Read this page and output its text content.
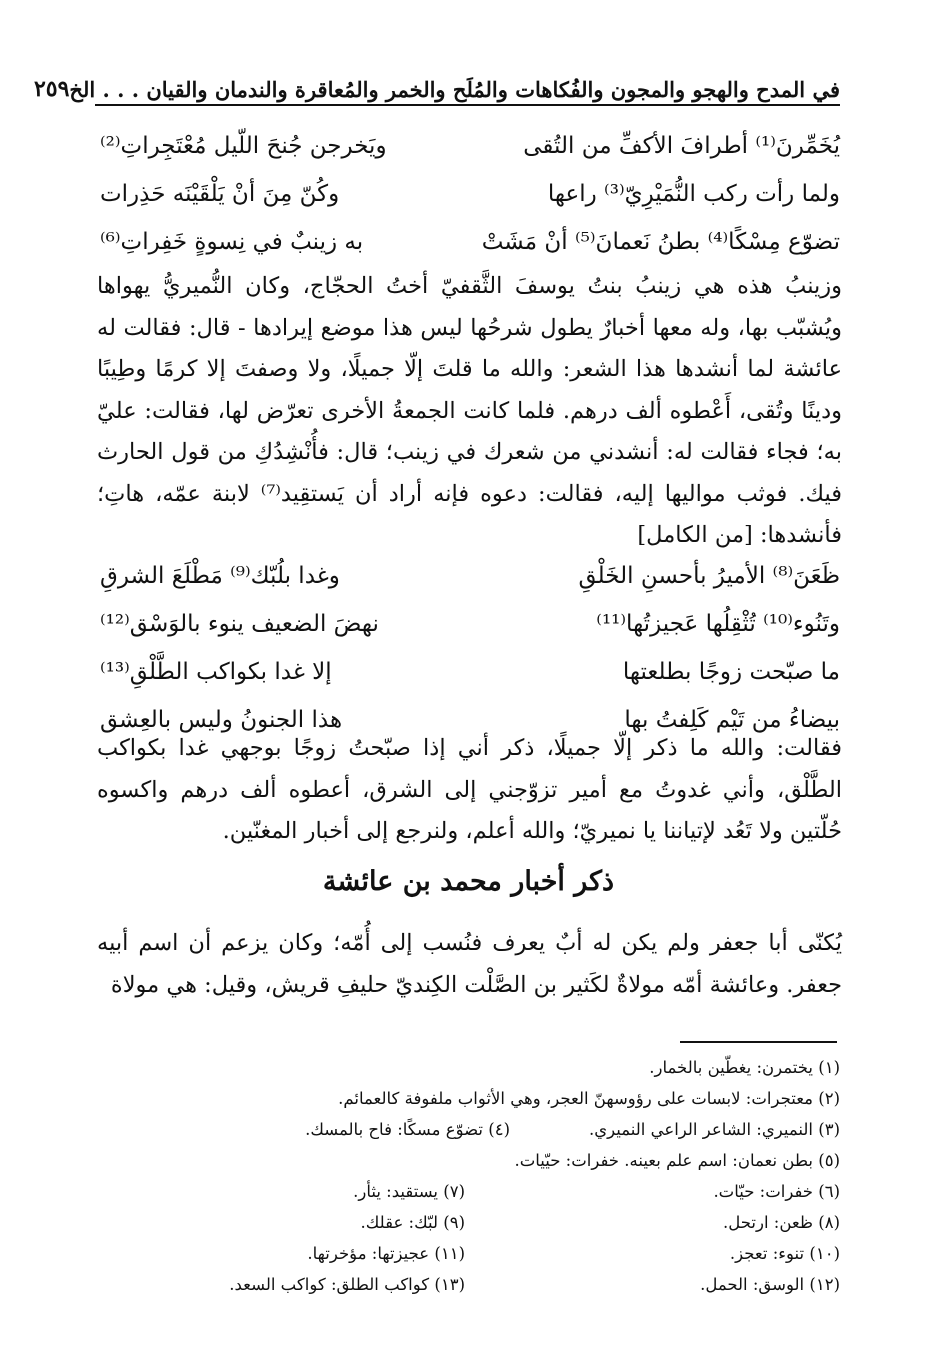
في المدح والهجو والمجون والفُكاهات والمُلَح والخمر والمُعاقرة والندمان والقيان . . . الخ
٢٥٩
يُخَمِّرنَ⁽¹⁾ أطرافَ الأكفِّ من التُقى
ويَخرجن جُنحَ اللّيل مُعْتَجِراتِ⁽²⁾
ولما رأت ركب النُّمَيْرِيّ⁽³⁾ راعها
وكُنّ مِنَ أنْ يَلْقَيْنَه حَذِرات
تضوّع مِسْكًا⁽⁴⁾ بطنُ نَعمانَ⁽⁵⁾ أنْ مَشَتْ
به زينبٌ في نِسوةٍ خَفِراتِ⁽⁶⁾

وزينبُ هذه هي زينبُ بنتُ يوسفَ الثَّقفيّ أختُ الحجّاج، وكان النُّميريُّ يهواها ويُشبّب بها، وله معها أخبارٌ يطول شرحُها ليس هذا موضع إيرادها - قال: فقالت له عائشة لما أنشدها هذا الشعر: والله ما قلتَ إلّا جميلًا، ولا وصفتَ إلا كرمًا وطِيبًا ودينًا وتُقى، أَعْطوه ألف درهم. فلما كانت الجمعةُ الأخرى تعرّض لها، فقالت: عليّ به؛ فجاء فقالت له: أنشدني من شعرك في زينب؛ قال: فأُنْشِدُكِ من قول الحارث فيك. فوثب مواليها إليه، فقالت: دعوه فإنه أراد أن يَستقِيد⁽⁷⁾ لابنة عمّه، هاتِ؛ فأنشدها: [من الكامل]

ظَعَنَ⁽⁸⁾ الأميرُ بأحسنِ الخَلْقِ
وغدا بلُبّك⁽⁹⁾ مَطْلَعَ الشرقِ
وتَنُوء⁽¹⁰⁾ تُثْقِلُها عَجيزتُها⁽¹¹⁾
نهضَ الضعيف ينوء بالوَسْق⁽¹²⁾
ما صبّحت زوجًا بطلعتها
إلا غدا بكواكب الطَّلْقِ⁽¹³⁾
بيضاءُ من تَيْم كَلِفتُ بها
هذا الجنونُ وليس بالعِشق

فقالت: والله ما ذكر إلّا جميلًا، ذكر أني إذا صبّحتُ زوجًا بوجهي غدا بكواكب الطَّلْق، وأني غدوتُ مع أمير تزوّجني إلى الشرق، أعطوه ألف درهم واكسوه حُلّتين ولا تَعُد لإتياننا يا نميريّ؛ والله أعلم، ولنرجع إلى أخبار المغنّين.

ذكر أخبار محمد بن عائشة

يُكنّى أبا جعفر ولم يكن له أبٌ يعرف فنُسب إلى أُمّه؛ وكان يزعم أن اسم أبيه جعفر. وعائشة أمّه مولاةٌ لكَثير بن الصَّلْت الكِنديّ حليفِ قريش، وقيل: هي مولاة

(١) يختمرن: يغطّين بالخمار.
(٢) معتجرات: لابسات على رؤوسهنّ العجر، وهي الأثواب ملفوفة كالعمائم.
(٣) النميري: الشاعر الراعي النميري.
(٤) تضوّع مسكًا: فاح بالمسك.
(٥) بطن نعمان: اسم علم بعينه. خفرات: حيّيات.
(٦) خفرات: حيّات.
(٧) يستقيد: يثأر.
(٨) ظعن: ارتحل.
(٩) لبّك: عقلك.
(١٠) تنوء: تعجز.
(١١) عجيزتها: مؤخرتها.
(١٢) الوسق: الحمل.
(١٣) كواكب الطلق: كواكب السعد.
